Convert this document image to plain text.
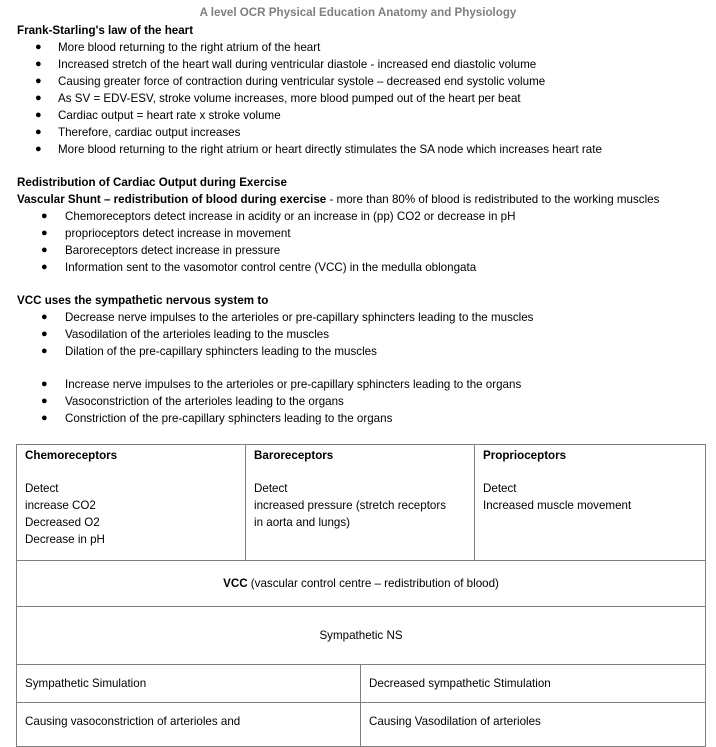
A level OCR Physical Education Anatomy and Physiology
Frank-Starling's law of the heart
● More blood returning to the right atrium of the heart
● Increased stretch of the heart wall during ventricular diastole - increased end diastolic volume
● Causing greater force of contraction during ventricular systole – decreased end systolic volume
● As SV = EDV-ESV, stroke volume increases, more blood pumped out of the heart per beat
● Cardiac output = heart rate x stroke volume
● Therefore, cardiac output increases
● More blood returning to the right atrium or heart directly stimulates the SA node which increases heart rate
Redistribution of Cardiac Output during Exercise
Vascular Shunt – redistribution of blood during exercise - more than 80% of blood is redistributed to the working muscles
● Chemoreceptors detect increase in acidity or an increase in (pp) CO2 or decrease in pH
● proprioceptors detect increase in movement
● Baroreceptors detect increase in pressure
● Information sent to the vasomotor control centre (VCC) in the medulla oblongata
VCC uses the sympathetic nervous system to
● Decrease nerve impulses to the arterioles or pre-capillary sphincters leading to the muscles
● Vasodilation of the arterioles leading to the muscles
● Dilation of the pre-capillary sphincters leading to the muscles
● Increase nerve impulses to the arterioles or pre-capillary sphincters leading to the organs
● Vasoconstriction of the arterioles leading to the organs
● Constriction of the pre-capillary sphincters leading to the organs
Chemoreceptors
Detect
increase CO2
Decreased O2
Decrease in pH

Baroreceptors
Detect
increased pressure (stretch receptors
in aorta and lungs)

Proprioceptors
Detect
Increased muscle movement

VCC (vascular control centre – redistribution of blood)
Sympathetic NS
Sympathetic Simulation	Decreased sympathetic Stimulation
Causing vasoconstriction of arterioles and	Causing Vasodilation of arterioles
